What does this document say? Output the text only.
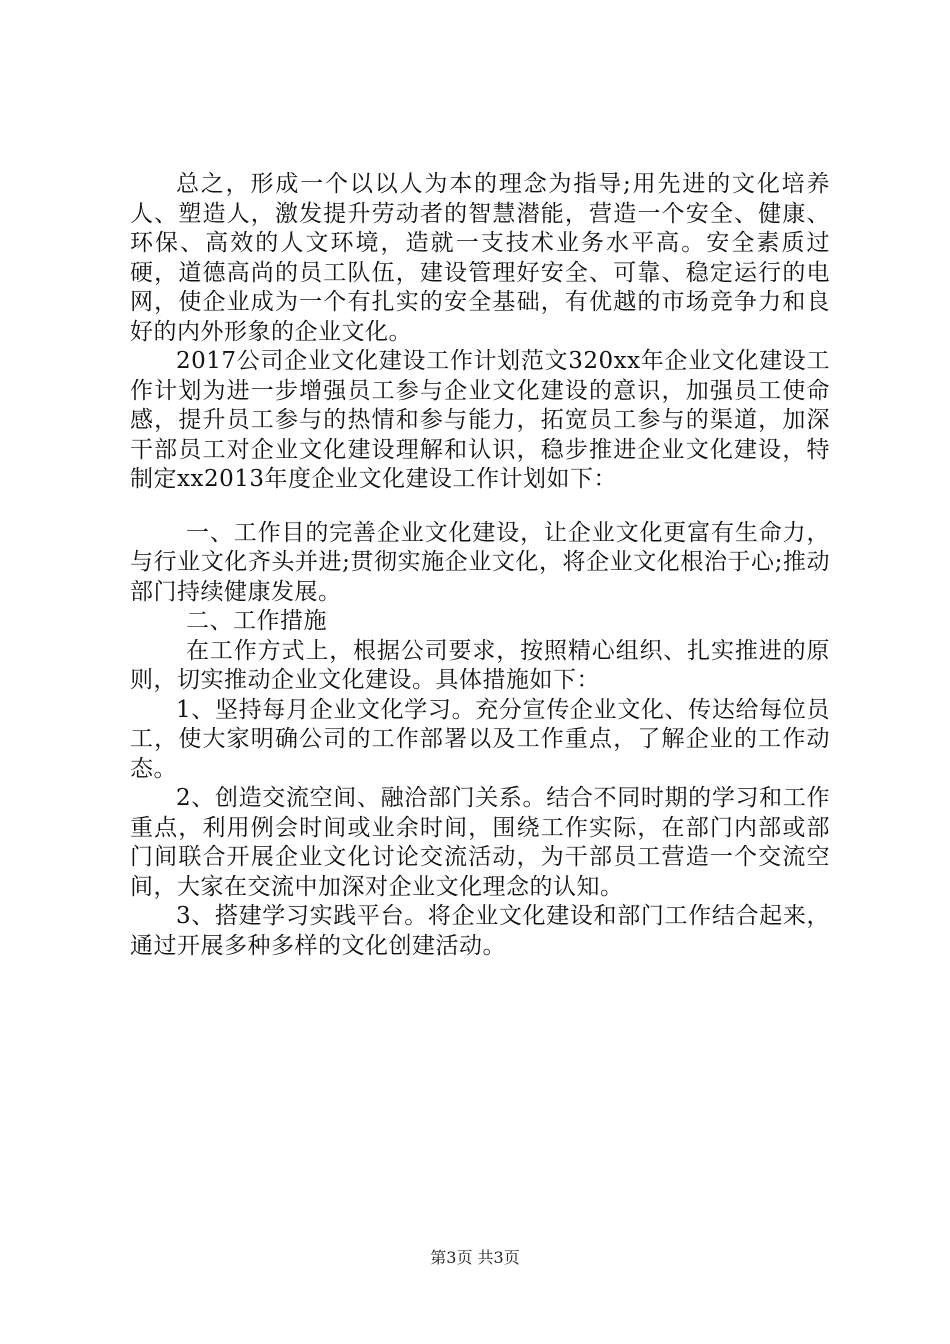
总之，形成一个以以人为本的理念为指导;用先进的文化培养人、塑造人，激发提升劳动者的智慧潜能，营造一个安全、健康、环保、高效的人文环境，造就一支技术业务水平高。安全素质过硬，道德高尚的员工队伍，建设管理好安全、可靠、稳定运行的电网，使企业成为一个有扎实的安全基础，有优越的市场竞争力和良好的内外形象的企业文化。

2017公司企业文化建设工作计划范文320xx年企业文化建设工作计划为进一步增强员工参与企业文化建设的意识，加强员工使命感，提升员工参与的热情和参与能力，拓宽员工参与的渠道，加深干部员工对企业文化建设理解和认识，稳步推进企业文化建设，特制定xx2013年度企业文化建设工作计划如下：

一、工作目的完善企业文化建设，让企业文化更富有生命力，与行业文化齐头并进;贯彻实施企业文化，将企业文化根治于心;推动部门持续健康发展。

二、工作措施

在工作方式上，根据公司要求，按照精心组织、扎实推进的原则，切实推动企业文化建设。具体措施如下：

1、坚持每月企业文化学习。充分宣传企业文化、传达给每位员工，使大家明确公司的工作部署以及工作重点，了解企业的工作动态。

2、创造交流空间、融洽部门关系。结合不同时期的学习和工作重点，利用例会时间或业余时间，围绕工作实际，在部门内部或部门间联合开展企业文化讨论交流活动，为干部员工营造一个交流空间，大家在交流中加深对企业文化理念的认知。

3、搭建学习实践平台。将企业文化建设和部门工作结合起来，通过开展多种多样的文化创建活动。

第3页 共3页
